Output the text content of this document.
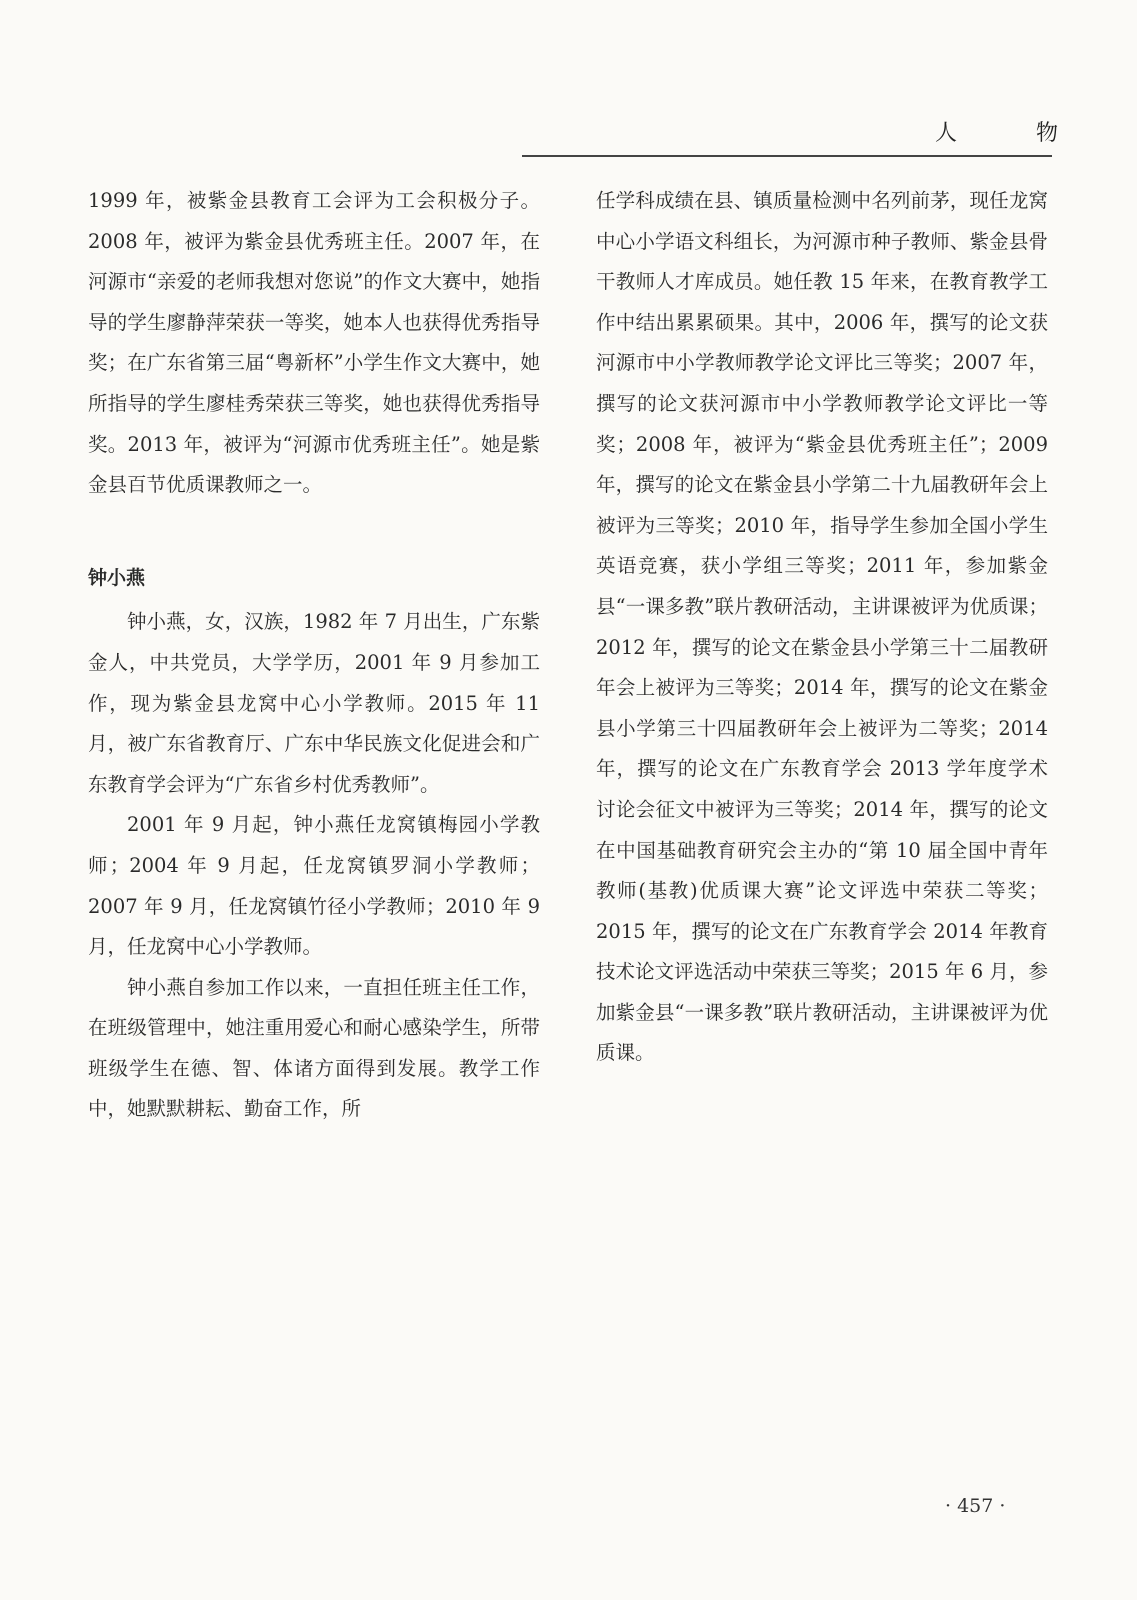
人 物

1999 年，被紫金县教育工会评为工会积极分子。2008 年，被评为紫金县优秀班主任。2007 年，在河源市“亲爱的老师我想对您说”的作文大赛中，她指导的学生廖静萍荣获一等奖，她本人也获得优秀指导奖；在广东省第三届“粤新杯”小学生作文大赛中，她所指导的学生廖桂秀荣获三等奖，她也获得优秀指导奖。2013 年，被评为“河源市优秀班主任”。她是紫金县百节优质课教师之一。

钟小燕

钟小燕，女，汉族，1982 年 7 月出生，广东紫金人，中共党员，大学学历，2001 年 9 月参加工作，现为紫金县龙窝中心小学教师。2015 年 11 月，被广东省教育厅、广东中华民族文化促进会和广东教育学会评为“广东省乡村优秀教师”。

2001 年 9 月起，钟小燕任龙窝镇梅园小学教师；2004 年 9 月起，任龙窝镇罗洞小学教师；2007 年 9 月，任龙窝镇竹径小学教师；2010 年 9 月，任龙窝中心小学教师。

钟小燕自参加工作以来，一直担任班主任工作，在班级管理中，她注重用爱心和耐心感染学生，所带班级学生在德、智、体诸方面得到发展。教学工作中，她默默耕耘、勤奋工作，所

任学科成绩在县、镇质量检测中名列前茅，现任龙窝中心小学语文科组长，为河源市种子教师、紫金县骨干教师人才库成员。她任教 15 年来，在教育教学工作中结出累累硕果。其中，2006 年，撰写的论文获河源市中小学教师教学论文评比三等奖；2007 年，撰写的论文获河源市中小学教师教学论文评比一等奖；2008 年，被评为“紫金县优秀班主任”；2009 年，撰写的论文在紫金县小学第二十九届教研年会上被评为三等奖；2010 年，指导学生参加全国小学生英语竞赛，获小学组三等奖；2011 年，参加紫金县“一课多教”联片教研活动，主讲课被评为优质课；2012 年，撰写的论文在紫金县小学第三十二届教研年会上被评为三等奖；2014 年，撰写的论文在紫金县小学第三十四届教研年会上被评为二等奖；2014 年，撰写的论文在广东教育学会 2013 学年度学术讨论会征文中被评为三等奖；2014 年，撰写的论文在中国基础教育研究会主办的“第 10 届全国中青年教师(基教)优质课大赛”论文评选中荣获二等奖；2015 年，撰写的论文在广东教育学会 2014 年教育技术论文评选活动中荣获三等奖；2015 年 6 月，参加紫金县“一课多教”联片教研活动，主讲课被评为优质课。

· 457 ·
